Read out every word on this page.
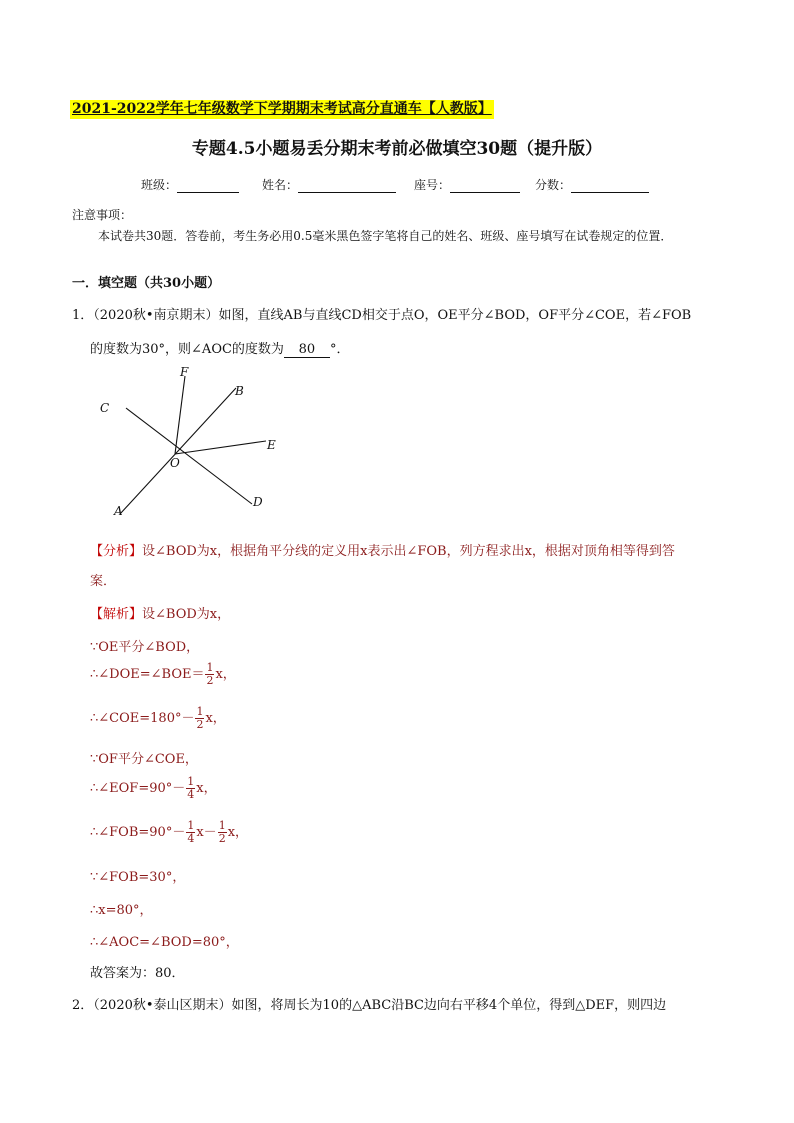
2021-2022学年七年级数学下学期期末考试高分直通车【人教版】
专题4.5小题易丢分期末考前必做填空30题（提升版）
班级：	姓名：	座号：	分数：
注意事项：
本试卷共30题．答卷前，考生务必用0.5毫米黑色签字笔将自己的姓名、班级、座号填写在试卷规定的位置．
一．填空题（共30小题）
1．（2020秋•南京期末）如图，直线AB与直线CD相交于点O，OE平分∠BOD，OF平分∠COE，若∠FOB
的度数为30°，则∠AOC的度数为 80 °．
F
B
C
E
O
D
A
【分析】设∠BOD为x，根据角平分线的定义用x表示出∠FOB，列方程求出x，根据对顶角相等得到答
案．
【解析】设∠BOD为x，
∵OE平分∠BOD，
∴∠DOE=∠BOE＝ $\frac{1}{2}$ x，
∴∠COE=180°－ $\frac{1}{2}$ x，
∵OF平分∠COE，
∴∠EOF=90°－ $\frac{1}{4}$ x，
∴∠FOB=90°－ $\frac{1}{4} x- \frac{1}{2}$ x，
∵∠FOB=30°，
∴x=80°，
∴∠AOC=∠BOD=80°，
故答案为：80．
2．（2020秋•泰山区期末）如图，将周长为10的△ABC沿BC边向右平移4个单位，得到△DEF，则四边
